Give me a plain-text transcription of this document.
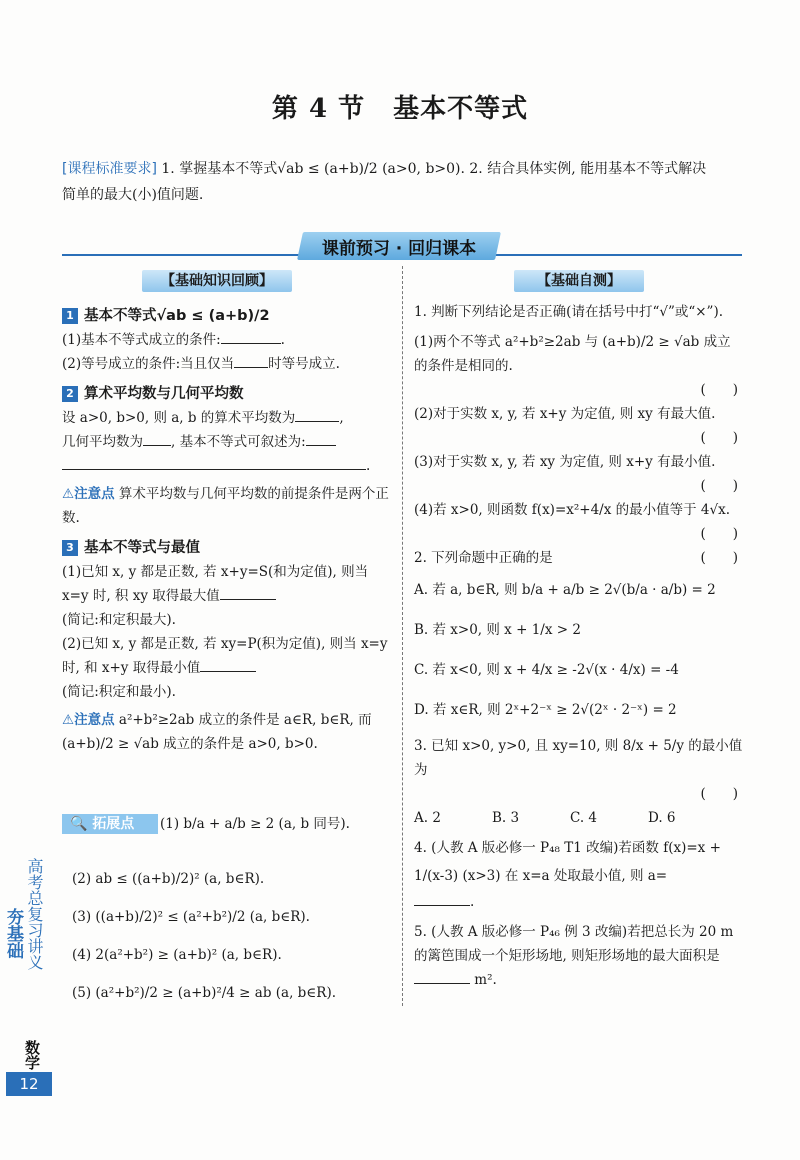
第 4 节 基本不等式
[课程标准要求] 1. 掌握基本不等式√ab ≤ (a+b)/2 (a>0, b>0). 2. 结合具体实例, 能用基本不等式解决
简单的最大(小)值问题.
课前预习 · 回归课本
【基础知识回顾】

1 基本不等式√ab ≤ (a+b)/2

(1)基本不等式成立的条件:	.

(2)等号成立的条件:当且仅当	时等号成立.

2 算术平均数与几何平均数

设 a>0, b>0, 则 a, b 的算术平均数为	,

几何平均数为 , 基本不等式可叙述为:

.

⚠注意点 算术平均数与几何平均数的前提条件是两个正数.

3 基本不等式与最值

(1)已知 x, y 都是正数, 若 x+y=S(和为定值), 则当 x=y 时, 积 xy 取得最大值

(简记:和定积最大).

(2)已知 x, y 都是正数, 若 xy=P(积为定值), 则当 x=y 时, 和 x+y 取得最小值

(简记:积定和最小).

⚠注意点 a²+b²≥2ab 成立的条件是 a∈R, b∈R, 而 (a+b)/2 ≥ √ab 成立的条件是 a>0, b>0.

🔍 拓展点	(1) b/a + a/b ≥ 2 (a, b 同号).

(2) ab ≤ ((a+b)/2)² (a, b∈R).

(3) ((a+b)/2)² ≤ (a²+b²)/2 (a, b∈R).

(4) 2(a²+b²) ≥ (a+b)² (a, b∈R).

(5) (a²+b²)/2 ≥ (a+b)²/4 ≥ ab (a, b∈R).

【基础自测】

1. 判断下列结论是否正确(请在括号中打“√”或“×”).

(1)两个不等式 a²+b²≥2ab 与 (a+b)/2 ≥ √ab 成立的条件是相同的.

(　　)

(2)对于实数 x, y, 若 x+y 为定值, 则 xy 有最大值.

(　　)

(3)对于实数 x, y, 若 xy 为定值, 则 x+y 有最小值.

(　　)

(4)若 x>0, 则函数 f(x)=x²+4/x 的最小值等于 4√x.

(　　)

2. 下列命题中正确的是	(　　)

A. 若 a, b∈R, 则 b/a + a/b ≥ 2√(b/a · a/b) = 2

B. 若 x>0, 则 x + 1/x > 2

C. 若 x<0, 则 x + 4/x ≥ -2√(x · 4/x) = -4

D. 若 x∈R, 则 2ˣ+2⁻ˣ ≥ 2√(2ˣ · 2⁻ˣ) = 2

3. 已知 x>0, y>0, 且 xy=10, 则 8/x + 5/y 的最小值为

(　　)

A. 2	B. 3	C. 4	D. 6

4. (人教 A 版必修一 P₄₈ T1 改编)若函数 f(x)=x + 1/(x-3) (x>3) 在 x=a 处取最小值, 则 a=

.

5. (人教 A 版必修一 P₄₆ 例 3 改编)若把总长为 20 m 的篱笆围成一个矩形场地, 则矩形场地的最大面积是

m².

夯基础 高考总复习讲义
数学
12
